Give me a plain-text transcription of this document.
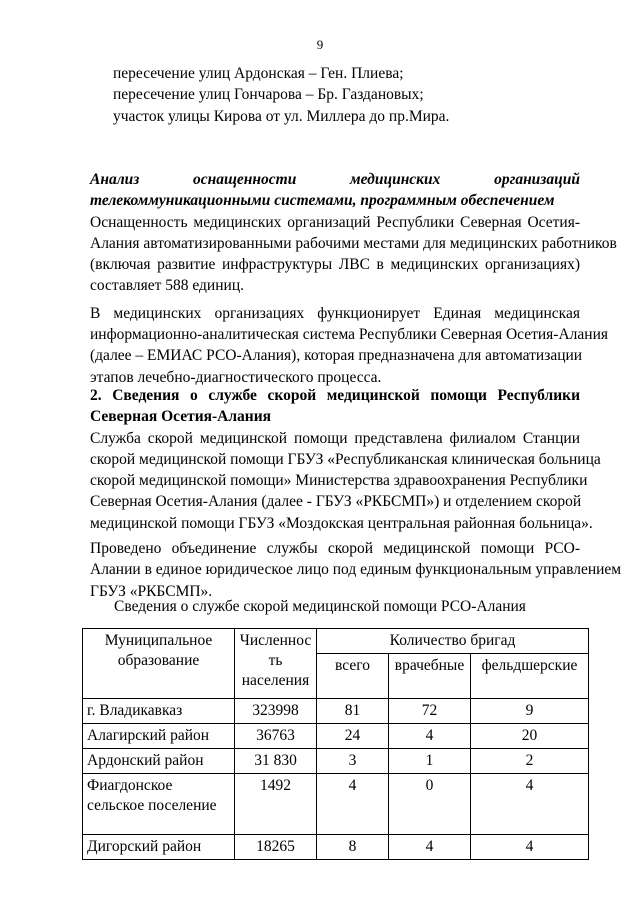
9
пересечение улиц Ардонская – Ген. Плиева;
пересечение улиц Гончарова – Бр. Газдановых;
участок улицы Кирова от ул. Миллера до пр.Мира.
Анализ	оснащенности	медицинских	организаций
телекоммуникационными системами, программным обеспечением
Оснащенность медицинских организаций Республики Северная Осетия-
Алания автоматизированными рабочими местами для медицинских работников
(включая развитие инфраструктуры ЛВС в медицинских организациях)
составляет 588 единиц.
В медицинских организациях функционирует Единая медицинская
информационно-аналитическая система Республики Северная Осетия-Алания
(далее – ЕМИАС РСО-Алания), которая предназначена для автоматизации
этапов лечебно-диагностического процесса.
2. Сведения о службе скорой медицинской помощи Республики
Северная Осетия-Алания
Служба скорой медицинской помощи представлена филиалом Станции
скорой медицинской помощи ГБУЗ «Республиканская клиническая больница
скорой медицинской помощи» Министерства здравоохранения Республики
Северная Осетия-Алания (далее - ГБУЗ «РКБСМП») и отделением скорой
медицинской помощи ГБУЗ «Моздокская центральная районная больница».
Проведено объединение службы скорой медицинской помощи РСО-
Алании в единое юридическое лицо под единым функциональным управлением
ГБУЗ «РКБСМП».
Сведения о службе скорой медицинской помощи РСО-Алания
Муниципальное образование	Численнос ть населения	Количество бригад		
		всего	врачебные	фельдшерские
г. Владикавказ	323998	81	72	9
Алагирский район	36763	24	4	20
Ардонский район	31 830	3	1	2
Фиагдонское сельское поселение	1492	4	0	4
Дигорский район	18265	8	4	4
